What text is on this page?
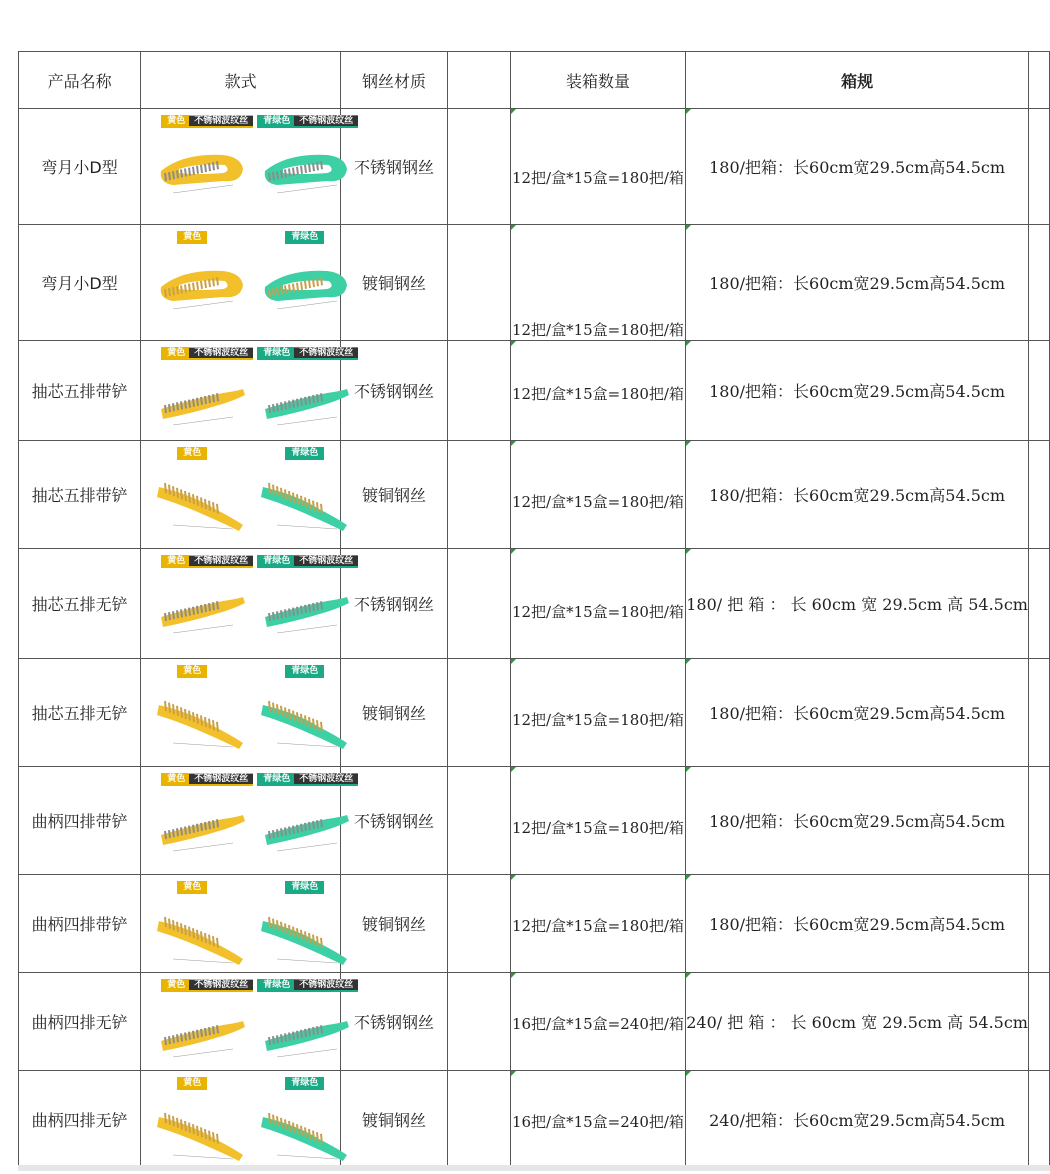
产品名称	款式	钢丝材质		装箱数量	箱规	
弯月小D型	黄色 不锈钢波纹丝 青绿色 不锈钢波纹丝	不锈钢钢丝		12把/盒*15盒=180把/箱	180/把箱：长60cm宽29.5cm高54.5cm	
弯月小D型	黄色 青绿色	镀铜钢丝		12把/盒*15盒=180把/箱	180/把箱：长60cm宽29.5cm高54.5cm	
抽芯五排带铲	黄色 不锈钢波纹丝 青绿色 不锈钢波纹丝	不锈钢钢丝		12把/盒*15盒=180把/箱	180/把箱：长60cm宽29.5cm高54.5cm	
抽芯五排带铲	黄色 青绿色	镀铜钢丝		12把/盒*15盒=180把/箱	180/把箱：长60cm宽29.5cm高54.5cm	
抽芯五排无铲	黄色 不锈钢波纹丝 青绿色 不锈钢波纹丝	不锈钢钢丝		12把/盒*15盒=180把/箱	180/ 把 箱 ： 长 60cm 宽 29.5cm 高 54.5cm	
抽芯五排无铲	黄色 青绿色	镀铜钢丝		12把/盒*15盒=180把/箱	180/把箱：长60cm宽29.5cm高54.5cm	
曲柄四排带铲	黄色 不锈钢波纹丝 青绿色 不锈钢波纹丝	不锈钢钢丝		12把/盒*15盒=180把/箱	180/把箱：长60cm宽29.5cm高54.5cm	
曲柄四排带铲	黄色 青绿色	镀铜钢丝		12把/盒*15盒=180把/箱	180/把箱：长60cm宽29.5cm高54.5cm	
曲柄四排无铲	黄色 不锈钢波纹丝 青绿色 不锈钢波纹丝	不锈钢钢丝		16把/盒*15盒=240把/箱	240/ 把 箱 ： 长 60cm 宽 29.5cm 高 54.5cm	
曲柄四排无铲	黄色 青绿色	镀铜钢丝		16把/盒*15盒=240把/箱	240/把箱：长60cm宽29.5cm高54.5cm	
